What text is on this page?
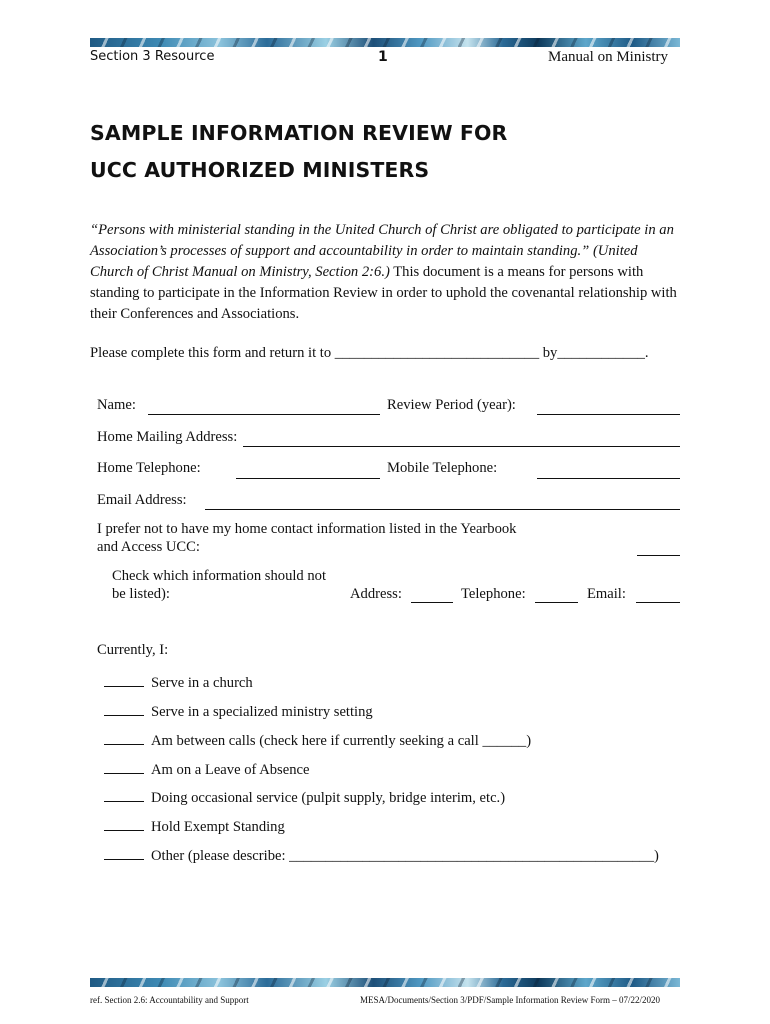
Section 3 Resource	1	Manual on Ministry
SAMPLE INFORMATION REVIEW FOR
UCC AUTHORIZED MINISTERS
“Persons with ministerial standing in the United Church of Christ are obligated to participate in an Association’s processes of support and accountability in order to maintain standing.” (United Church of Christ Manual on Ministry, Section 2:6.) This document is a means for persons with standing to participate in the Information Review in order to uphold the covenantal relationship with their Conferences and Associations.
Please complete this form and return it to ____________________________ by____________.
Name:	Review Period (year):
Home Mailing Address:
Home Telephone:	Mobile Telephone:
Email Address:
I prefer not to have my home contact information listed in the Yearbook
and Access UCC:
Check which information should not
be listed):	Address:	Telephone:	Email:
Currently, I:
Serve in a church
Serve in a specialized ministry setting
Am between calls (check here if currently seeking a call ______)
Am on a Leave of Absence
Doing occasional service (pulpit supply, bridge interim, etc.)
Hold Exempt Standing
Other (please describe: __________________________________________________)
ref. Section 2.6: Accountability and Support	MESA/Documents/Section 3/PDF/Sample Information Review Form – 07/22/2020
